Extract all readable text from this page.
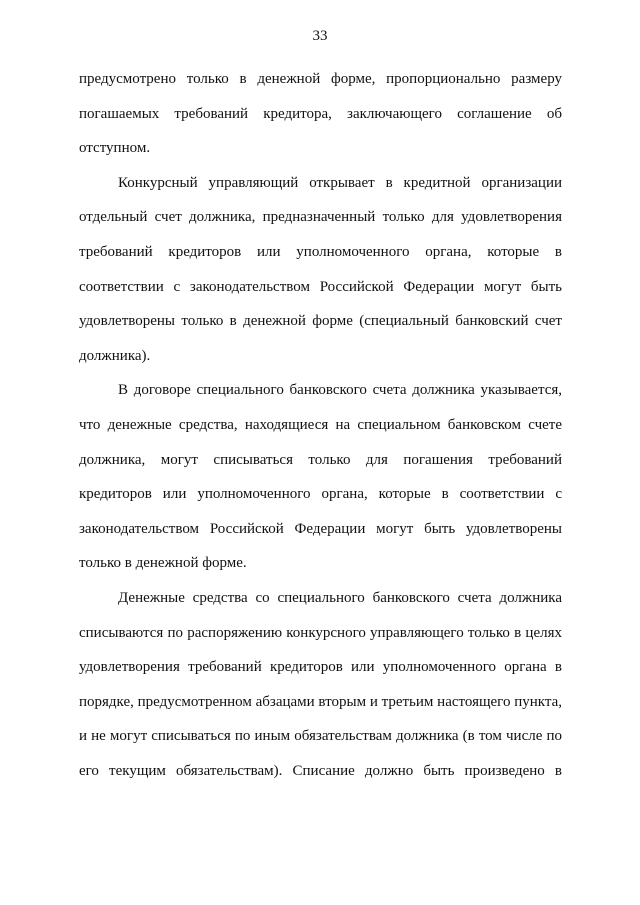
33

предусмотрено только в денежной форме, пропорционально размеру
погашаемых требований кредитора, заключающего соглашение об
отступном.

Конкурсный управляющий открывает в кредитной организации
отдельный счет должника, предназначенный только для удовлетворения
требований кредиторов или уполномоченного органа, которые в
соответствии с законодательством Российской Федерации могут быть
удовлетворены только в денежной форме (специальный банковский счет
должника).

В договоре специального банковского счета должника указывается,
что денежные средства, находящиеся на специальном банковском счете
должника, могут списываться только для погашения требований
кредиторов или уполномоченного органа, которые в соответствии с
законодательством Российской Федерации могут быть удовлетворены
только в денежной форме.

Денежные средства со специального банковского счета должника
списываются по распоряжению конкурсного управляющего только в целях
удовлетворения требований кредиторов или уполномоченного органа в
порядке, предусмотренном абзацами вторым и третьим настоящего пункта,
и не могут списываться по иным обязательствам должника (в том числе по
его текущим обязательствам). Списание должно быть произведено в
